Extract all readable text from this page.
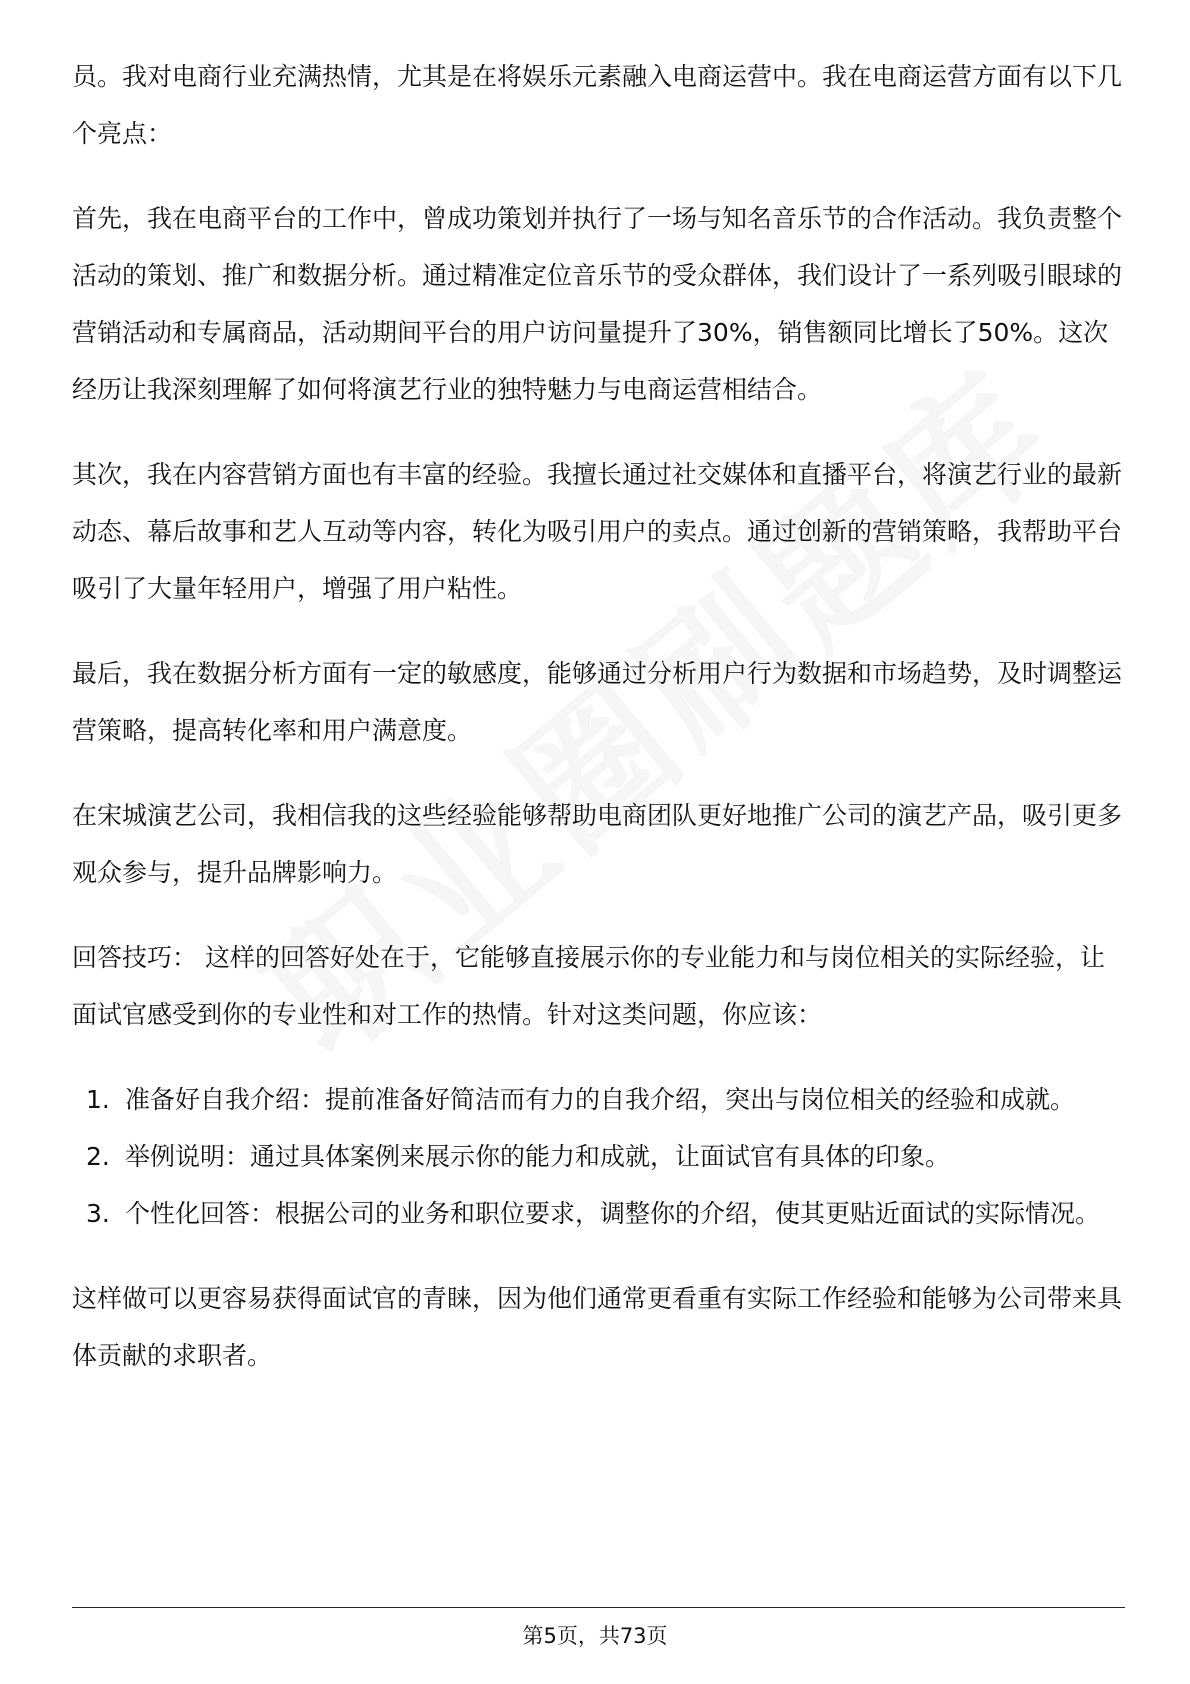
员。我对电商行业充满热情，尤其是在将娱乐元素融入电商运营中。我在电商运营方面有以下几个亮点：

首先，我在电商平台的工作中，曾成功策划并执行了一场与知名音乐节的合作活动。我负责整个活动的策划、推广和数据分析。通过精准定位音乐节的受众群体，我们设计了一系列吸引眼球的营销活动和专属商品，活动期间平台的用户访问量提升了30%，销售额同比增长了50%。这次经历让我深刻理解了如何将演艺行业的独特魅力与电商运营相结合。

其次，我在内容营销方面也有丰富的经验。我擅长通过社交媒体和直播平台，将演艺行业的最新动态、幕后故事和艺人互动等内容，转化为吸引用户的卖点。通过创新的营销策略，我帮助平台吸引了大量年轻用户，增强了用户粘性。

最后，我在数据分析方面有一定的敏感度，能够通过分析用户行为数据和市场趋势，及时调整运营策略，提高转化率和用户满意度。

在宋城演艺公司，我相信我的这些经验能够帮助电商团队更好地推广公司的演艺产品，吸引更多观众参与，提升品牌影响力。

回答技巧： 这样的回答好处在于，它能够直接展示你的专业能力和与岗位相关的实际经验，让面试官感受到你的专业性和对工作的热情。针对这类问题，你应该：

1. 准备好自我介绍：提前准备好简洁而有力的自我介绍，突出与岗位相关的经验和成就。
2. 举例说明：通过具体案例来展示你的能力和成就，让面试官有具体的印象。
3. 个性化回答：根据公司的业务和职位要求，调整你的介绍，使其更贴近面试的实际情况。

这样做可以更容易获得面试官的青睐，因为他们通常更看重有实际工作经验和能够为公司带来具体贡献的求职者。

第5页，共73页
